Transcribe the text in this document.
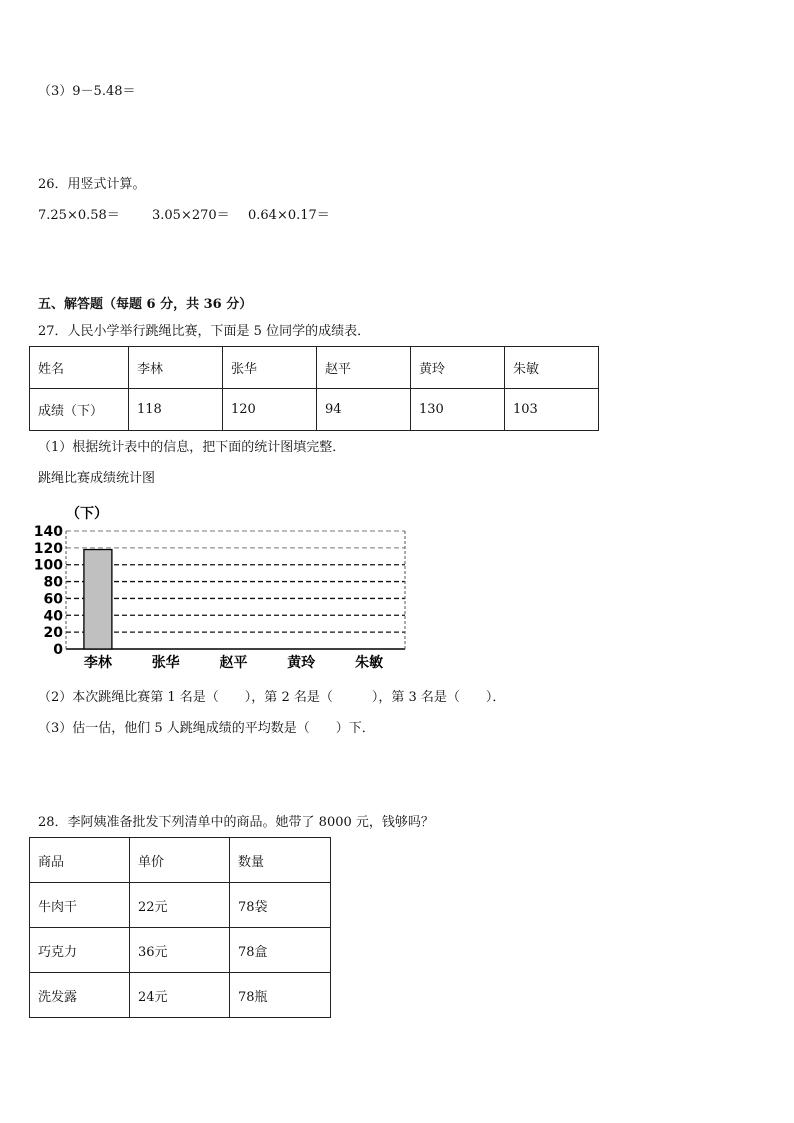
（3）9－5.48＝
26．用竖式计算。
7.25×0.58＝ 3.05×270＝ 0.64×0.17＝
五、解答题（每题 6 分，共 36 分）
27．人民小学举行跳绳比赛，下面是 5 位同学的成绩表．
姓名	李林	张华	赵平	黄玲	朱敏
成绩（下）	118	120	94	130	103
（1）根据统计表中的信息，把下面的统计图填完整．
跳绳比赛成绩统计图
0
20
40
60
80
100
120
140
李林	张华	赵平	黄玲	朱敏
（下）
（2）本次跳绳比赛第 1 名是（　　），第 2 名是（　　　），第 3 名是（　　）．
（3）估一估，他们 5 人跳绳成绩的平均数是（　　）下．
28．李阿姨准备批发下列清单中的商品。她带了 8000 元，钱够吗？
商品	单价	数量
牛肉干	22元	78袋
巧克力	36元	78盒
洗发露	24元	78瓶
